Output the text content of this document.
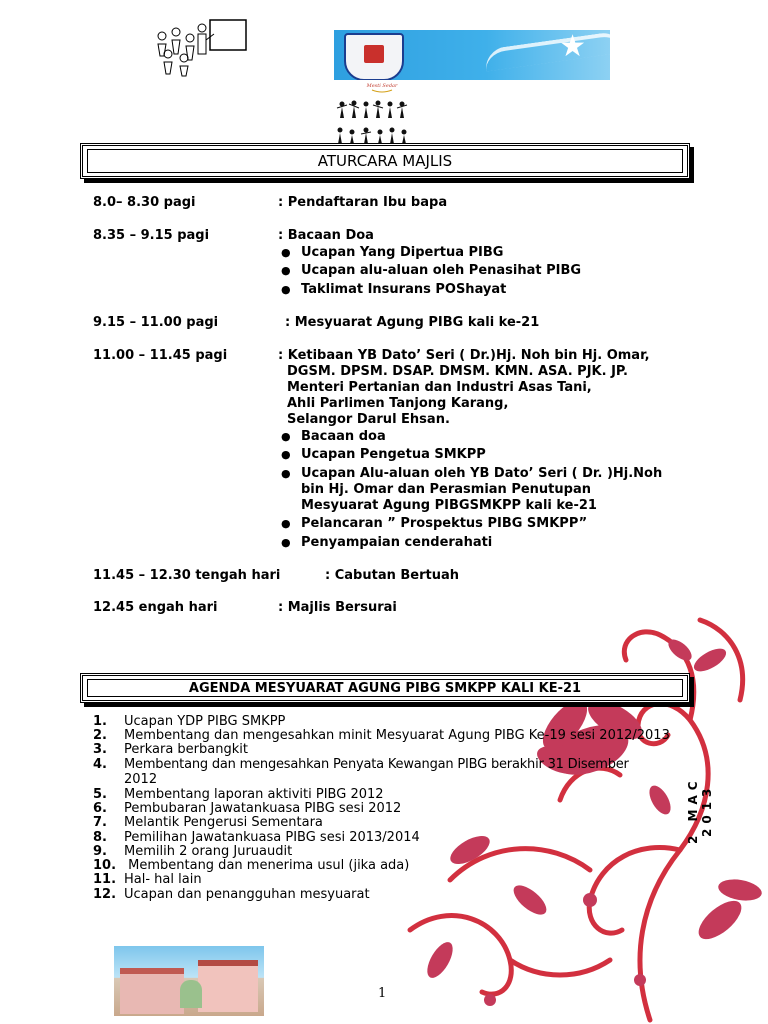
★
Mesti Sedar
ATURCARA MAJLIS
8.0– 8.30 pagi	: Pendaftaran Ibu bapa
8.35 – 9.15 pagi	: Bacaan Doa
● Ucapan Yang Dipertua PIBG
● Ucapan alu-aluan oleh Penasihat PIBG
● Taklimat Insurans POShayat
9.15 – 11.00 pagi	: Mesyuarat Agung PIBG kali ke-21
11.00 – 11.45 pagi	: Ketibaan YB Dato’ Seri ( Dr.)Hj. Noh bin Hj. Omar,
DGSM. DPSM. DSAP. DMSM. KMN. ASA. PJK. JP.
Menteri Pertanian dan Industri Asas Tani,
Ahli Parlimen Tanjong Karang,
Selangor Darul Ehsan.
● Bacaan doa
● Ucapan Pengetua SMKPP
● Ucapan Alu-aluan oleh YB Dato’ Seri ( Dr. )Hj.Noh
bin Hj. Omar dan Perasmian Penutupan
Mesyuarat Agung PIBGSMKPP kali ke-21
● Pelancaran ” Prospektus PIBG SMKPP”
● Penyampaian cenderahati
11.45 – 12.30 tengah hari	: Cabutan Bertuah
12.45 engah hari	: Majlis Bersurai
AGENDA MESYUARAT AGUNG PIBG SMKPP KALI KE-21
1. Ucapan YDP PIBG SMKPP
2. Membentang dan mengesahkan minit Mesyuarat Agung PIBG Ke-19 sesi 2012/2013
3. Perkara berbangkit
4. Membentang dan mengesahkan Penyata Kewangan PIBG berakhir 31 Disember
2012
5. Membentang laporan aktiviti PIBG 2012
6. Pembubaran Jawatankuasa PIBG sesi 2012
7. Melantik Pengerusi Sementara
8. Pemilihan Jawatankuasa PIBG sesi 2013/2014
9. Memilih 2 orang Juruaudit
10. Membentang dan menerima usul (jika ada)
11. Hal- hal lain
12. Ucapan dan penangguhan mesyuarat
2 MAC 2013
1
